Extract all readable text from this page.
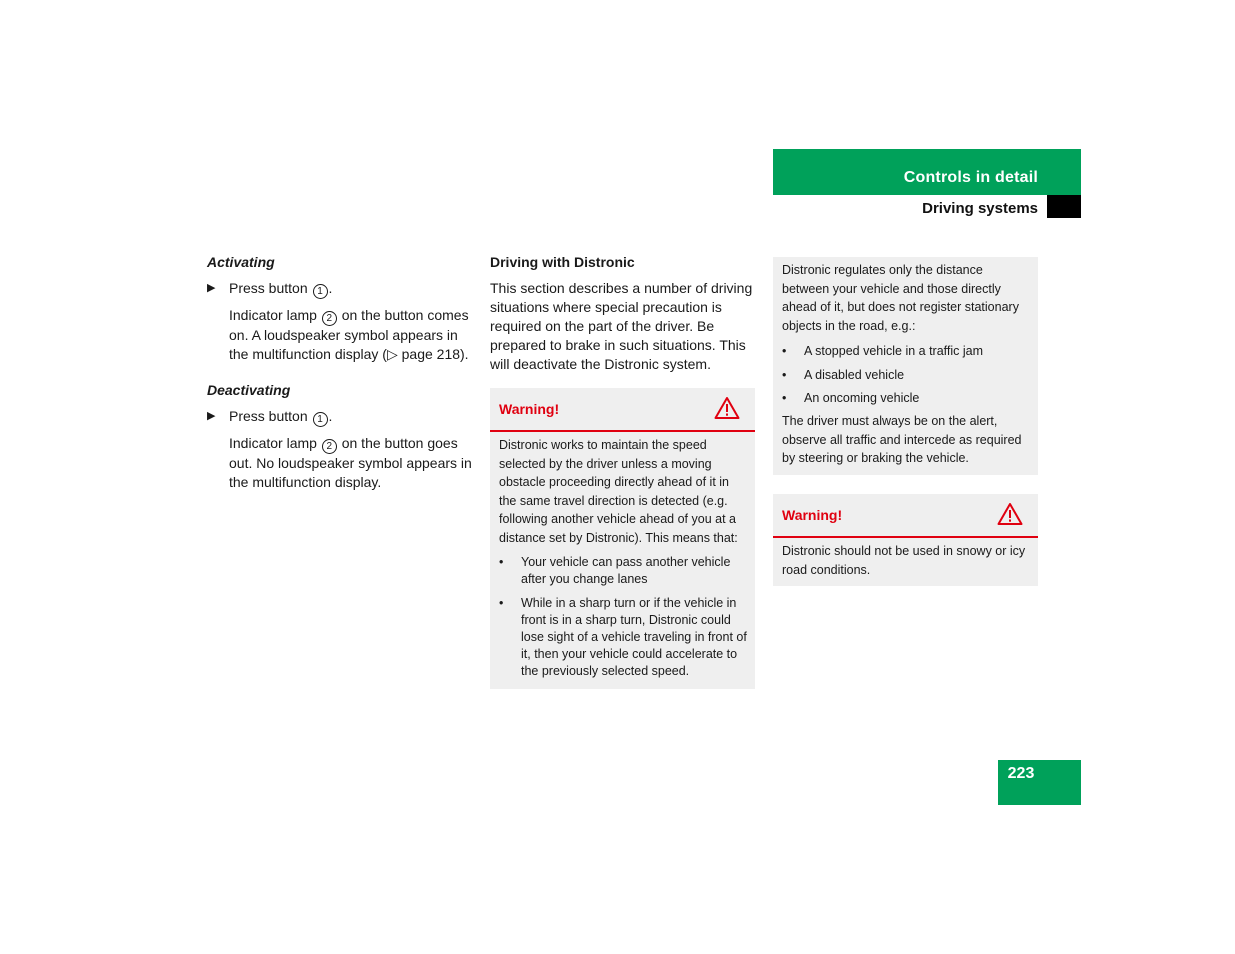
Controls in detail
Driving systems
Activating
▶ Press button 1 .
Indicator lamp 2 on the button comes on. A loudspeaker symbol appears in the multifunction display (▷ page 218).
Deactivating
▶ Press button 1 .
Indicator lamp 2 on the button goes out. No loudspeaker symbol appears in the multifunction display.
Driving with Distronic
This section describes a number of driving situations where special precaution is required on the part of the driver. Be prepared to brake in such situations. This will deactivate the Distronic system.
Warning!
Distronic works to maintain the speed selected by the driver unless a moving obstacle proceeding directly ahead of it in the same travel direction is detected (e.g. following another vehicle ahead of you at a distance set by Distronic). This means that:
• Your vehicle can pass another vehicle after you change lanes
• While in a sharp turn or if the vehicle in front is in a sharp turn, Distronic could lose sight of a vehicle traveling in front of it, then your vehicle could accelerate to the previously selected speed.
Distronic regulates only the distance between your vehicle and those directly ahead of it, but does not register stationary objects in the road, e.g.:
• A stopped vehicle in a traffic jam
• A disabled vehicle
• An oncoming vehicle
The driver must always be on the alert, observe all traffic and intercede as required by steering or braking the vehicle.
Warning!
Distronic should not be used in snowy or icy road conditions.
223
